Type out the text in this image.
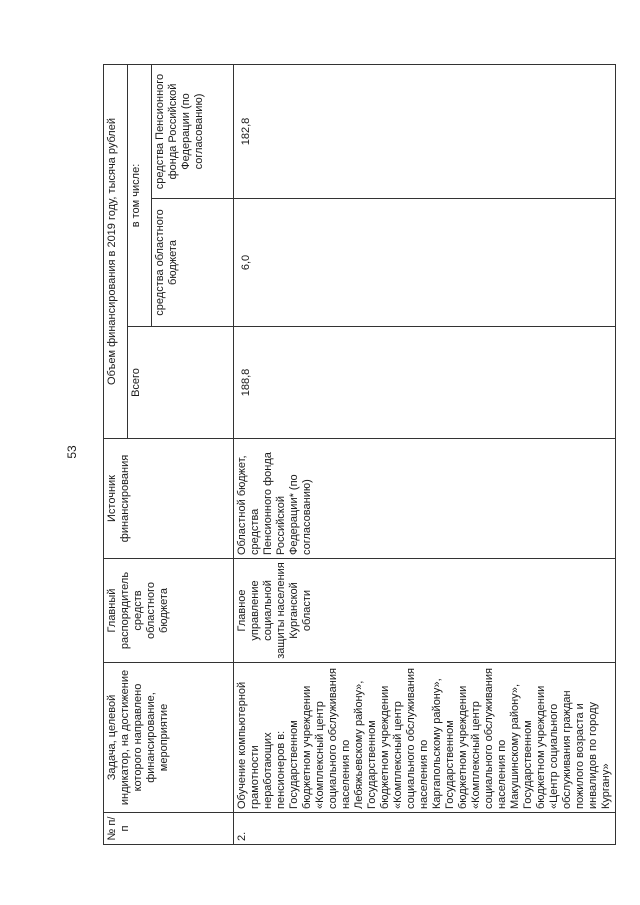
53
№ п/п	Задача, целевой индикатор, на достижение которого направлено финансирование, мероприятие	Главный распорядитель средств областного бюджета	Источник финансирования	Объем финансирования в 2019 году, тысяча рублей		
				Всего	в том числе:	
					средства областного бюджета	средства Пенсионного фонда Российской Федерации (по согласованию)
2.	Обучение компьютерной грамотности неработающих пенсионеров в: Государственном бюджетном учреждении «Комплексный центр социального обслуживания населения по Лебяжьевскому району», Государственном бюджетном учреждении «Комплексный центр социального обслуживания населения по Каргапольскому району», Государственном бюджетном учреждении «Комплексный центр социального обслуживания населения по Макушинскому району», Государственном бюджетном учреждении «Центр социального обслуживания граждан пожилого возраста и инвалидов по городу Кургану»	Главное управление социальной защиты населения Курганской области	Областной бюджет, средства Пенсионного фонда Российской Федерации* (по согласованию)	188,8	6,0	182,8
